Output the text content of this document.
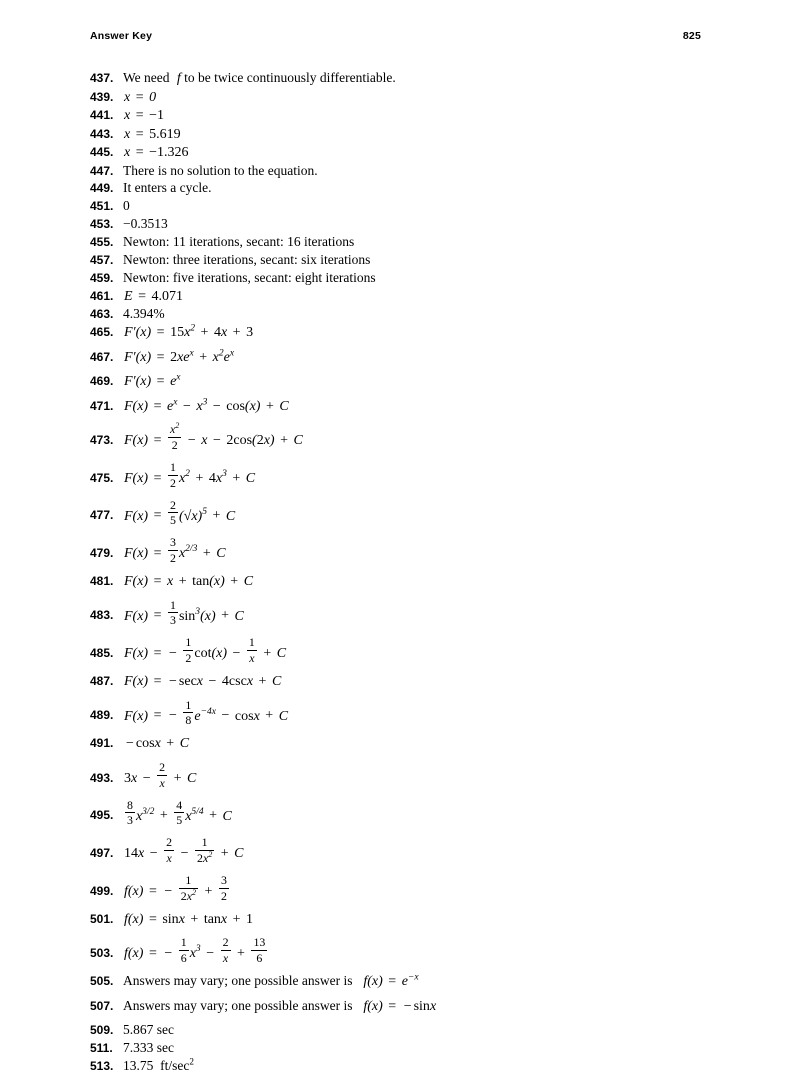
Answer Key	825
437 . We need f to be twice continuously differentiable.
439 . x = 0
441 . x = −1
443 . x = 5.619
445 . x = −1.326
447 . There is no solution to the equation.
449 . It enters a cycle.
451 . 0
453 . −0.3513
455 . Newton: 11 iterations, secant: 16 iterations
457 . Newton: three iterations, secant: six iterations
459 . Newton: five iterations, secant: eight iterations
461 . E = 4.071
463 . 4.394%
465 . $F'(x) = 15x^2 + 4x + 3$
467 . $F'(x) = 2xe^x + x^2e^x$
469 . $F'(x) = e^x$
471 . $F(x) = e^x - x^3 - \cos(x) + C$
473 . $F(x) = \frac{x^2}{2} - x - 2\cos(2x) + C$
475 . $F(x) = \frac{1}{2} x^2 + 4x^3 + C$
477 . $F(x) = \frac{2}{5} (√x)^5 + C$
479 . $F(x) = \frac{3}{2} x^{2/3} + C$
481 . F(x) = x + tan(x) + C
483 . $F(x) = \frac{1}{3} \sin^3(x) + C$
485 . F(x) = − $\frac{1}{2} \cot(x) - \frac{1}{x} + C$
487 . F(x) = − secx − 4cscx + C
489 . F(x) = − $\frac{1}{8} e^{-4x} - \cos x + C$
491 .	− cosx + C
493 . $3x - \frac{2}{x} + C$
495 .	$\frac{8}{3} x^{3/2} + \frac{4}{5} x^{5/4} + C$
497 . $14x - \frac{2}{x} - \frac{1}{2x^2} + C$
499 . f(x) = − $\frac{1}{2x^2} + \frac{3}{2}$
501 . f(x) = sinx + tanx + 1
503 . f(x) = − $\frac{1}{6} x^3 - \frac{2}{x} + \frac{13}{6}$
505 . Answers may vary; one possible answer is  $f(x) = e^{-x}$
507 . Answers may vary; one possible answer is  f(x) = − sinx
509 . 5.867 sec
511 .	7.333 sec
513 . 13.75  $ft/\sec^2$
